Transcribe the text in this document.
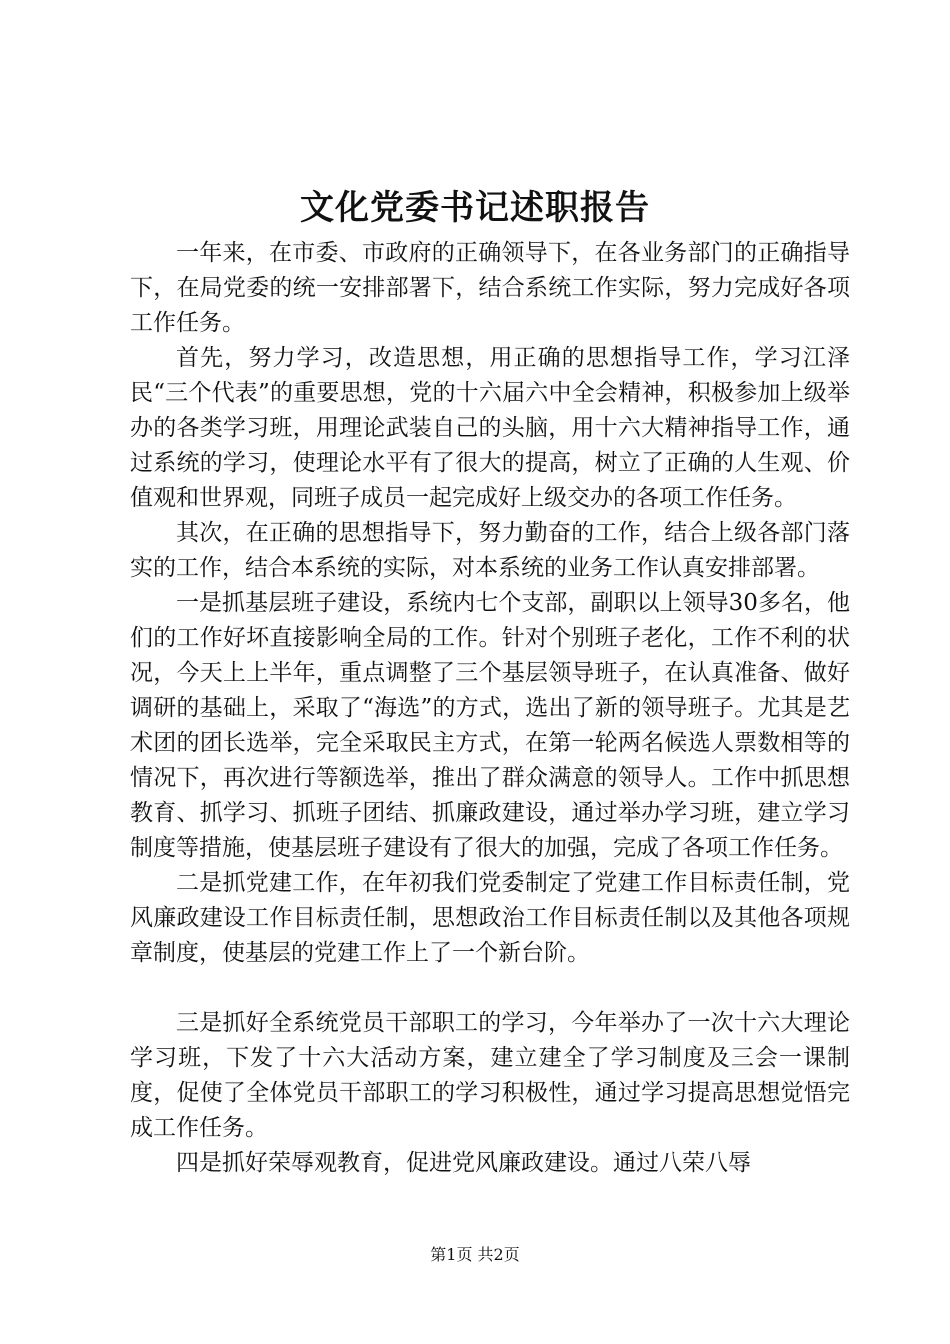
文化党委书记述职报告

一年来，在市委、市政府的正确领导下，在各业务部门的正确指导下，在局党委的统一安排部署下，结合系统工作实际，努力完成好各项工作任务。

首先，努力学习，改造思想，用正确的思想指导工作，学习江泽民“三个代表”的重要思想，党的十六届六中全会精神，积极参加上级举办的各类学习班，用理论武装自己的头脑，用十六大精神指导工作，通过系统的学习，使理论水平有了很大的提高，树立了正确的人生观、价值观和世界观，同班子成员一起完成好上级交办的各项工作任务。

其次，在正确的思想指导下，努力勤奋的工作，结合上级各部门落实的工作，结合本系统的实际，对本系统的业务工作认真安排部署。

一是抓基层班子建设，系统内七个支部，副职以上领导30多名，他们的工作好坏直接影响全局的工作。针对个别班子老化，工作不利的状况，今天上上半年，重点调整了三个基层领导班子，在认真准备、做好调研的基础上，采取了“海选”的方式，选出了新的领导班子。尤其是艺术团的团长选举，完全采取民主方式，在第一轮两名候选人票数相等的情况下，再次进行等额选举，推出了群众满意的领导人。工作中抓思想教育、抓学习、抓班子团结、抓廉政建设，通过举办学习班，建立学习制度等措施，使基层班子建设有了很大的加强，完成了各项工作任务。

二是抓党建工作，在年初我们党委制定了党建工作目标责任制，党风廉政建设工作目标责任制，思想政治工作目标责任制以及其他各项规章制度，使基层的党建工作上了一个新台阶。

三是抓好全系统党员干部职工的学习，今年举办了一次十六大理论学习班，下发了十六大活动方案，建立建全了学习制度及三会一课制度，促使了全体党员干部职工的学习积极性，通过学习提高思想觉悟完成工作任务。

四是抓好荣辱观教育，促进党风廉政建设。通过八荣八辱

第1页 共2页
